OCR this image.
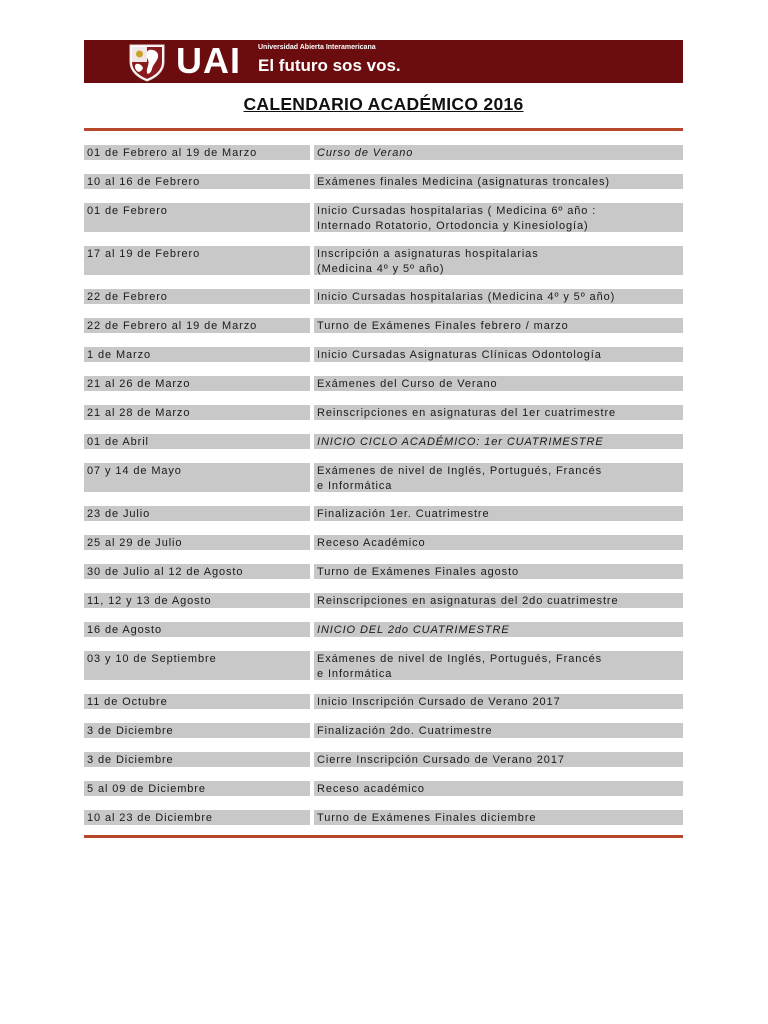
UAI Universidad Abierta Interamericana
El futuro sos vos.
CALENDARIO ACADÉMICO 2016
01 de Febrero al 19 de Marzo	Curso de Verano
10 al 16 de Febrero	Exámenes finales Medicina (asignaturas troncales)
01 de Febrero	Inicio Cursadas hospitalarias ( Medicina 6º año :
Internado Rotatorio, Ortodoncia y Kinesiología)
17 al 19 de Febrero	Inscripción a asignaturas hospitalarias
(Medicina 4º y 5º año)
22 de Febrero	Inicio Cursadas hospitalarias (Medicina 4º y 5º año)
22 de Febrero al 19 de Marzo	Turno de Exámenes Finales febrero / marzo
1 de Marzo	Inicio Cursadas Asignaturas Clínicas Odontología
21 al 26 de Marzo	Exámenes del Curso de Verano
21 al 28 de Marzo	Reinscripciones en asignaturas del 1er cuatrimestre
01 de Abril	INICIO CICLO ACADÉMICO: 1er CUATRIMESTRE
07 y 14 de Mayo	Exámenes de nivel de Inglés, Portugués, Francés
e Informática
23 de Julio	Finalización 1er. Cuatrimestre
25 al 29 de Julio	Receso Académico
30 de Julio al 12 de Agosto	Turno de Exámenes Finales agosto
11, 12 y 13 de Agosto	Reinscripciones en asignaturas del 2do cuatrimestre
16 de Agosto	INICIO DEL 2do CUATRIMESTRE
03 y 10 de Septiembre	Exámenes de nivel de Inglés, Portugués, Francés
e Informática
11 de Octubre	Inicio Inscripción Cursado de Verano 2017
3 de Diciembre	Finalización 2do. Cuatrimestre
3 de Diciembre	Cierre Inscripción Cursado de Verano 2017
5 al 09 de Diciembre	Receso académico
10 al 23 de Diciembre	Turno de Exámenes Finales diciembre
